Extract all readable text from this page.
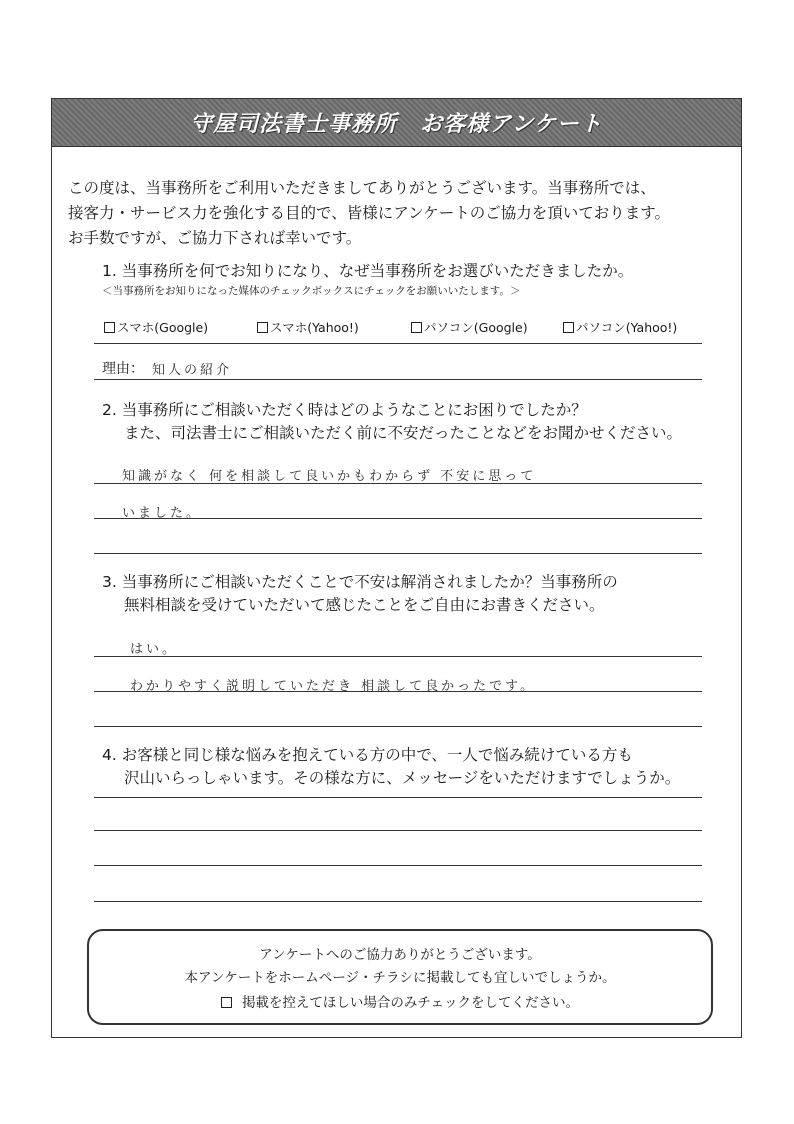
守屋司法書士事務所　お客様アンケート
この度は、当事務所をご利用いただきましてありがとうございます。当事務所では、
接客力・サービス力を強化する目的で、皆様にアンケートのご協力を頂いております。
お手数ですが、ご協力下されば幸いです。
1. 当事務所を何でお知りになり、なぜ当事務所をお選びいただきましたか。
＜当事務所をお知りになった媒体のチェックボックスにチェックをお願いいたします。＞
スマホ(Google)	スマホ(Yahoo!)	パソコン(Google)	パソコン(Yahoo!)
理由： 知人の紹介
2. 当事務所にご相談いただく時はどのようなことにお困りでしたか？
また、司法書士にご相談いただく前に不安だったことなどをお聞かせください。
知識がなく 何を相談して良いかもわからず 不安に思って
いました。
3. 当事務所にご相談いただくことで不安は解消されましたか？当事務所の
無料相談を受けていただいて感じたことをご自由にお書きください。
はい。
わかりやすく説明していただき 相談して良かったです。
4. お客様と同じ様な悩みを抱えている方の中で、一人で悩み続けている方も
沢山いらっしゃいます。その様な方に、メッセージをいただけますでしょうか。
アンケートへのご協力ありがとうございます。
本アンケートをホームページ・チラシに掲載しても宜しいでしょうか。
掲載を控えてほしい場合のみチェックをしてください。
